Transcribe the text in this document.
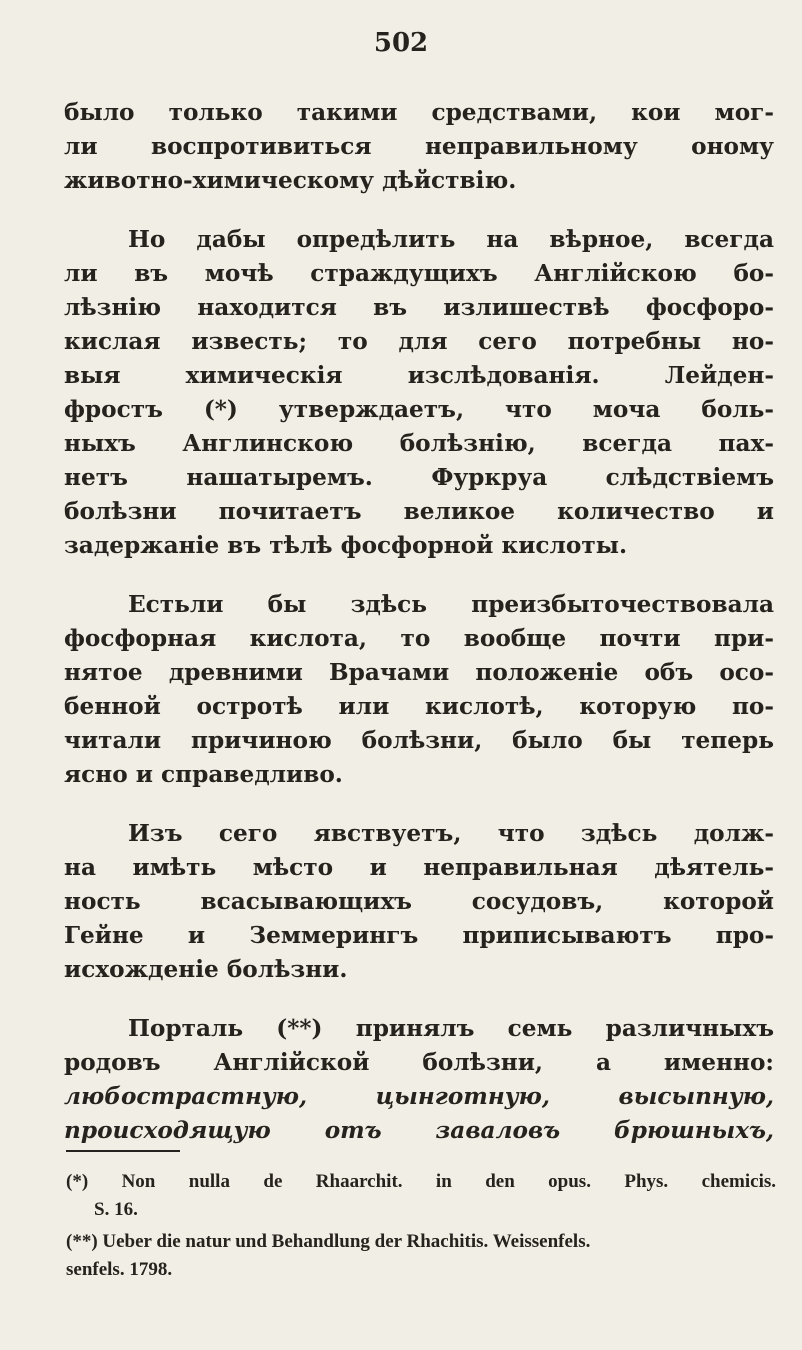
502
было только такими средствами, кои мог-
ли воспротивиться неправильному оному
животно-химическому дѣйствiю.
Но дабы опредѣлить на вѣрное, всегда
ли въ мочѣ страждущихъ Англiйскою бо-
лѣзнiю находится въ излишествѣ фосфоро-
кислая известь; то для сего потребны но-
выя химическiя изслѣдованiя. Лейден-
фростъ (*) утверждаетъ, что моча боль-
ныхъ Англинскою болѣзнiю, всегда пах-
нетъ нашатыремъ. Фуркруа слѣдствiемъ
болѣзни почитаетъ великое количество и
задержанiе въ тѣлѣ фосфорной кислоты.
Естьли бы здѣсь преизбыточествовала
фосфорная кислота, то вообще почти при-
нятое древними Врачами положенiе объ осо-
бенной остротѣ или кислотѣ, которую по-
читали причиною болѣзни, было бы теперь
ясно и справедливо.
Изъ сего явствуетъ, что здѣсь долж-
на имѣть мѣсто и неправильная дѣятель-
ность всасывающихъ сосудовъ, которой
Гейне и Земмерингъ приписываютъ про-
исхожденiе болѣзни.
Порталь (**) принялъ семь различныхъ
родовъ Англiйской болѣзни, а именно:
любострастную, цынготную, высыпную,
происходящую отъ заваловъ брюшныхъ,
(*) Non nulla de Rhaarchit. in den opus. Phys. chemicis.
S. 16.
(**) Ueber die natur und Behandlung der Rhachitis. Weissenfels.
senfels. 1798.
